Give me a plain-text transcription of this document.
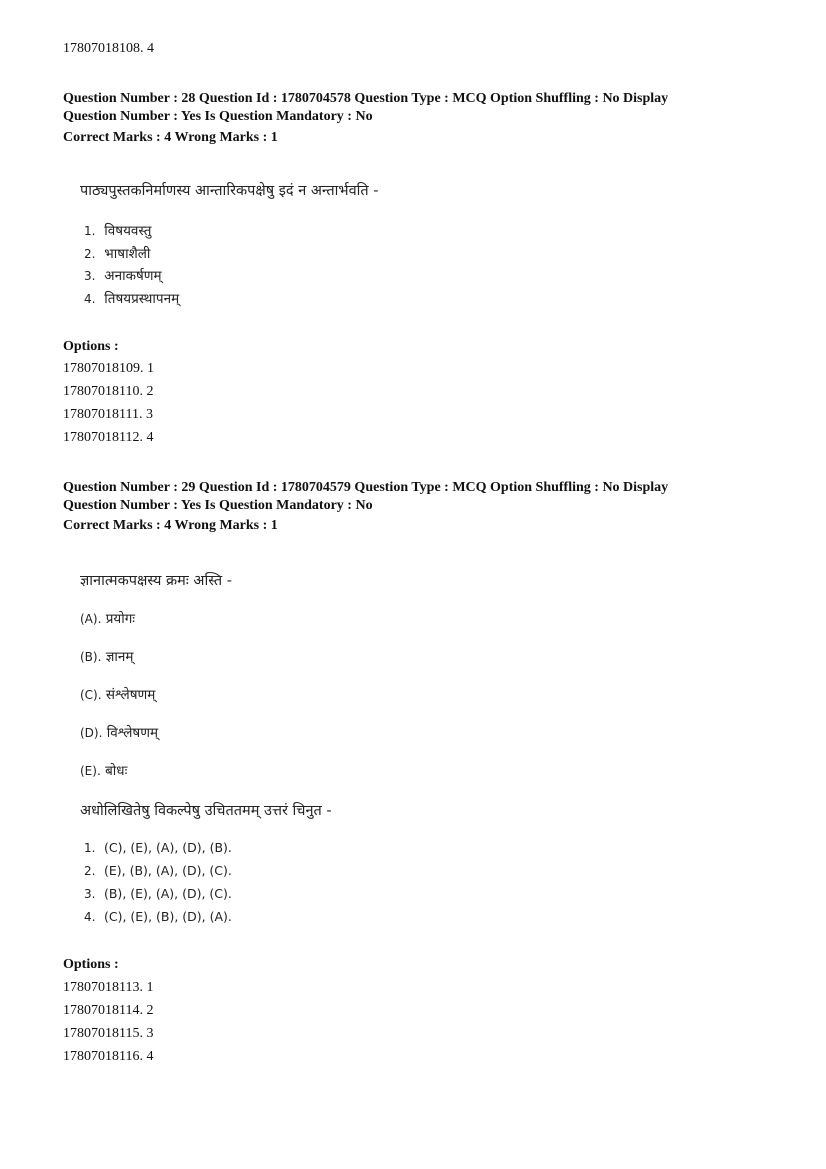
17807018108. 4
Question Number : 28 Question Id : 1780704578 Question Type : MCQ Option Shuffling : No Display
Question Number : Yes Is Question Mandatory : No
Correct Marks : 4 Wrong Marks : 1
पाठ्यपुस्तकनिर्माणस्य आन्तारिकपक्षेषु इदं न अन्तार्भवति -
1. विषयवस्तु
2. भाषाशैली
3. अनाकर्षणम्
4. तिषयप्रस्थापनम्
Options :
17807018109. 1
17807018110. 2
17807018111. 3
17807018112. 4
Question Number : 29 Question Id : 1780704579 Question Type : MCQ Option Shuffling : No Display
Question Number : Yes Is Question Mandatory : No
Correct Marks : 4 Wrong Marks : 1
ज्ञानात्मकपक्षस्य क्रमः अस्ति -
(A). प्रयोगः
(B). ज्ञानम्
(C). संश्लेषणम्
(D). विश्लेषणम्
(E). बोधः
अधोलिखितेषु विकल्पेषु उचिततमम् उत्तरं चिनुत -
1. (C), (E), (A), (D), (B).
2. (E), (B), (A), (D), (C).
3. (B), (E), (A), (D), (C).
4. (C), (E), (B), (D), (A).
Options :
17807018113. 1
17807018114. 2
17807018115. 3
17807018116. 4
